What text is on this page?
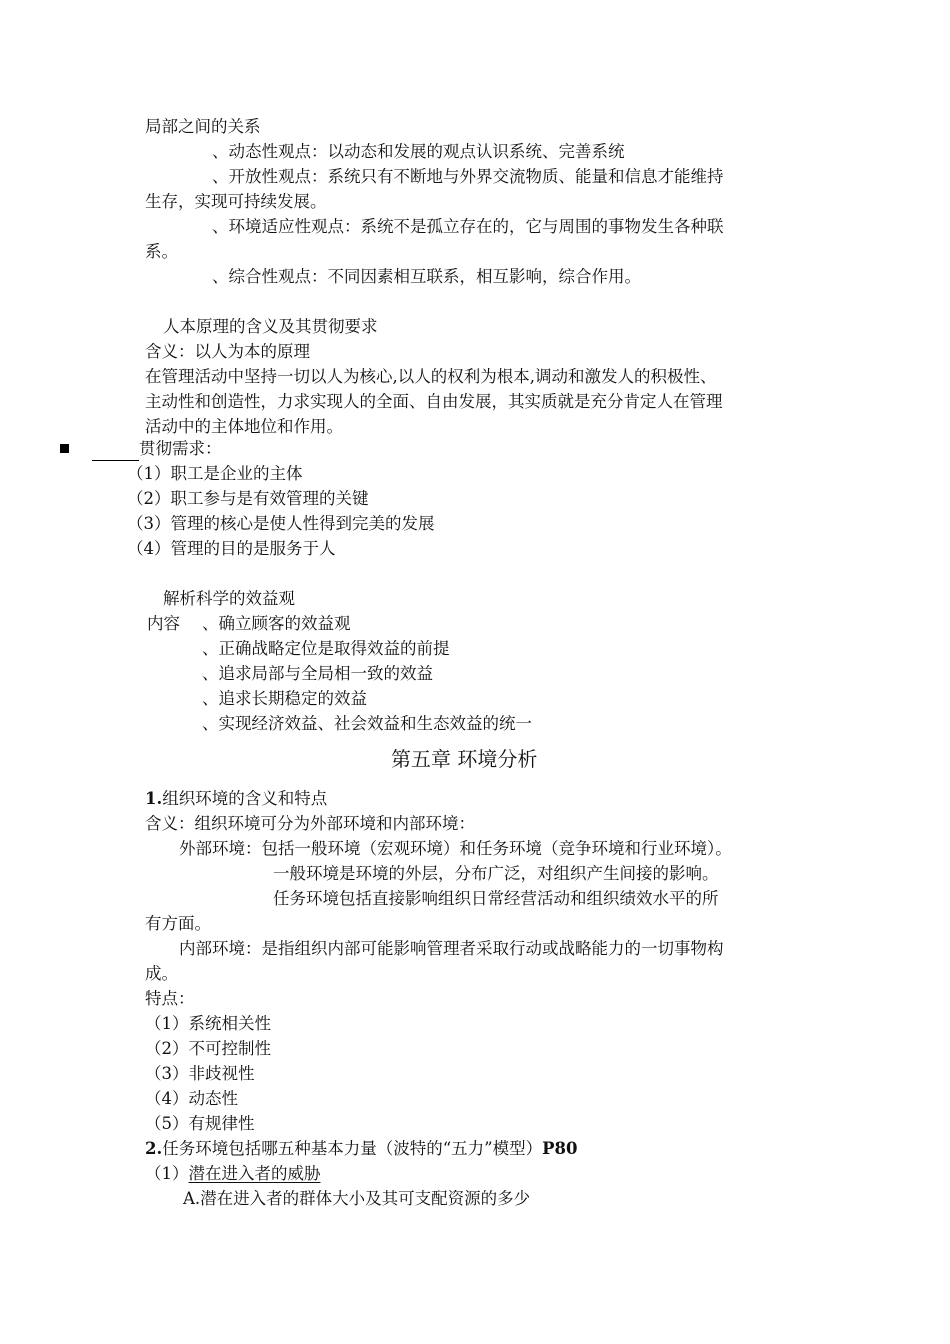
局部之间的关系
、动态性观点：以动态和发展的观点认识系统、完善系统
、开放性观点：系统只有不断地与外界交流物质、能量和信息才能维持
生存，实现可持续发展。
、环境适应性观点：系统不是孤立存在的，它与周围的事物发生各种联
系。
、综合性观点：不同因素相互联系，相互影响，综合作用。
人本原理的含义及其贯彻要求
含义：以人为本的原理
在管理活动中坚持一切以人为核心,以人的权利为根本,调动和激发人的积极性、
主动性和创造性，力求实现人的全面、自由发展，其实质就是充分肯定人在管理
活动中的主体地位和作用。
贯彻需求：
（1）职工是企业的主体
（2）职工参与是有效管理的关键
（3）管理的核心是使人性得到完美的发展
（4）管理的目的是服务于人
解析科学的效益观
内容 、确立顾客的效益观
、正确战略定位是取得效益的前提
、追求局部与全局相一致的效益
、追求长期稳定的效益
、实现经济效益、社会效益和生态效益的统一
第五章 环境分析
1.组织环境的含义和特点
含义：组织环境可分为外部环境和内部环境：
外部环境：包括一般环境（宏观环境）和任务环境（竞争环境和行业环境）。
一般环境是环境的外层，分布广泛，对组织产生间接的影响。
任务环境包括直接影响组织日常经营活动和组织绩效水平的所
有方面。
内部环境：是指组织内部可能影响管理者采取行动或战略能力的一切事物构
成。
特点：
（1）系统相关性
（2）不可控制性
（3）非歧视性
（4）动态性
（5）有规律性
2.任务环境包括哪五种基本力量（波特的“五力”模型）P80
（1）潜在进入者的威胁
A.潜在进入者的群体大小及其可支配资源的多少
